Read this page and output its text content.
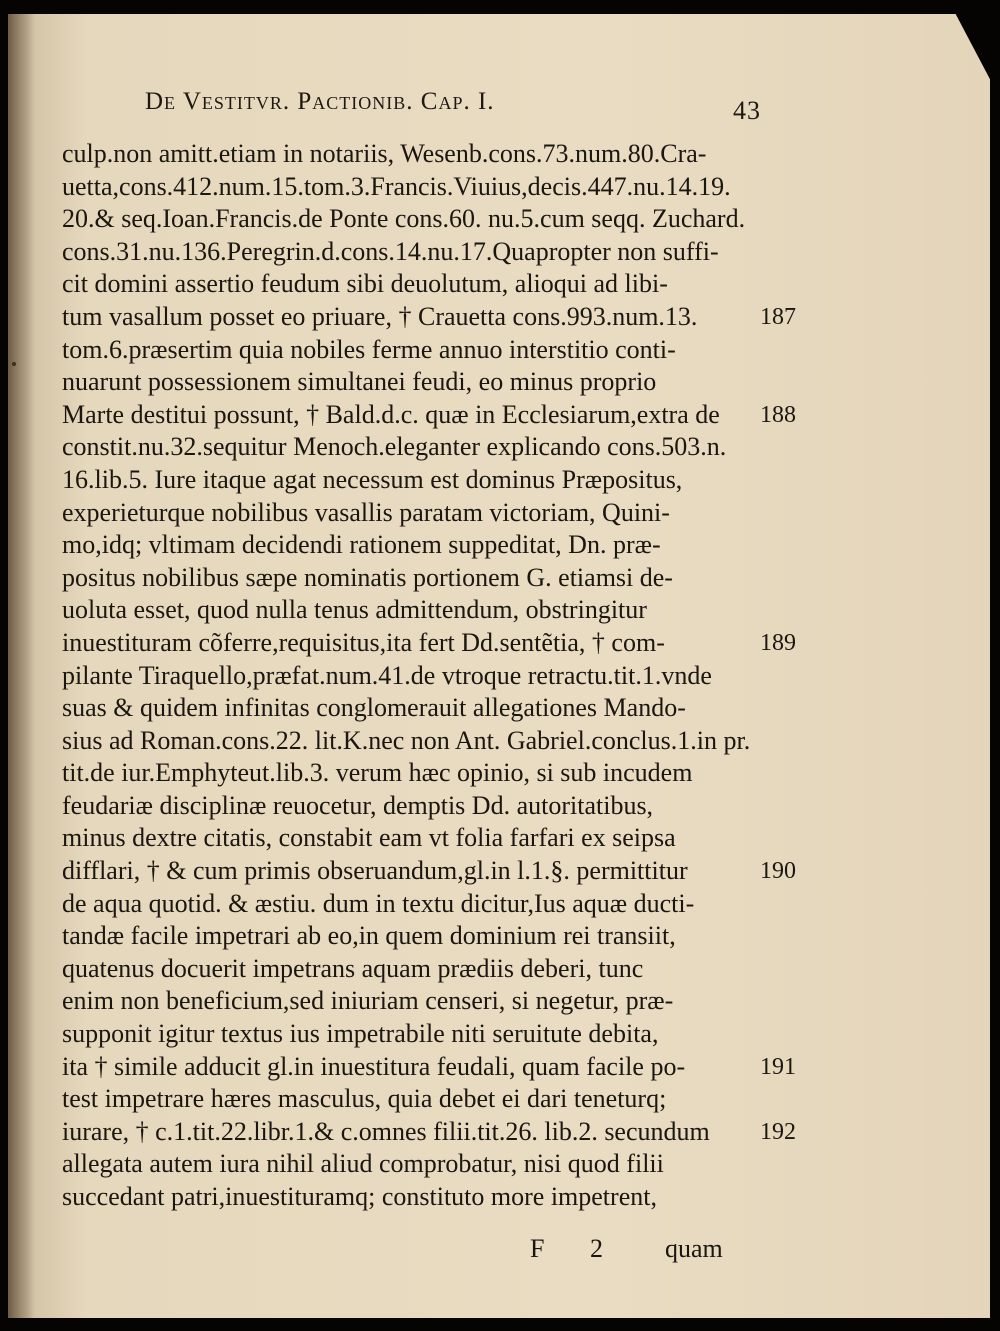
De Vestitvr. Pactionib. Cap. I.	43
culp.non amitt.etiam in notariis, Wesenb.cons.73.num.80.Cra-
uetta,cons.412.num.15.tom.3.Francis.Viuius,decis.447.nu.14.19.
20.& seq.Ioan.Francis.de Ponte cons.60. nu.5.cum seqq. Zuchard.
cons.31.nu.136.Peregrin.d.cons.14.nu.17.Quapropter non suffi-
cit domini assertio feudum sibi deuolutum, alioqui ad libi-
tum vasallum posset eo priuare, † Crauetta cons.993.num.13.
tom.6.præsertim quia nobiles ferme annuo interstitio conti-
nuarunt possessionem simultanei feudi, eo minus proprio
Marte destitui possunt, † Bald.d.c. quæ in Ecclesiarum,extra de
constit.nu.32.sequitur Menoch.eleganter explicando cons.503.n.
16.lib.5. Iure itaque agat necessum est dominus Præpositus,
experieturque nobilibus vasallis paratam victoriam, Quini-
mo,idq; vltimam decidendi rationem suppeditat, Dn. præ-
positus nobilibus sæpe nominatis portionem G. etiamsi de-
uoluta esset, quod nulla tenus admittendum, obstringitur
inuestituram cõferre,requisitus,ita fert Dd.sentẽtia, † com-
pilante Tiraquello,præfat.num.41.de vtroque retractu.tit.1.vnde
suas & quidem infinitas conglomerauit allegationes Mando-
sius ad Roman.cons.22. lit.K.nec non Ant. Gabriel.conclus.1.in pr.
tit.de iur.Emphyteut.lib.3. verum hæc opinio, si sub incudem
feudariæ disciplinæ reuocetur, demptis Dd. autoritatibus,
minus dextre citatis, constabit eam vt folia farfari ex seipsa
difflari, † & cum primis obseruandum,gl.in l.1.§. permittitur
de aqua quotid. & æstiu. dum in textu dicitur,Ius aquæ ducti-
tandæ facile impetrari ab eo,in quem dominium rei transiit,
quatenus docuerit impetrans aquam prædiis deberi, tunc
enim non beneficium,sed iniuriam censeri, si negetur, præ-
supponit igitur textus ius impetrabile niti seruitute debita,
ita † simile adducit gl.in inuestitura feudali, quam facile po-
test impetrare hæres masculus, quia debet ei dari teneturq;
iurare, † c.1.tit.22.libr.1.& c.omnes filii.tit.26. lib.2. secundum
allegata autem iura nihil aliud comprobatur, nisi quod filii
succedant patri,inuestituramq; constituto more impetrent,
187
188
189
190
191
192
F 2 quam
